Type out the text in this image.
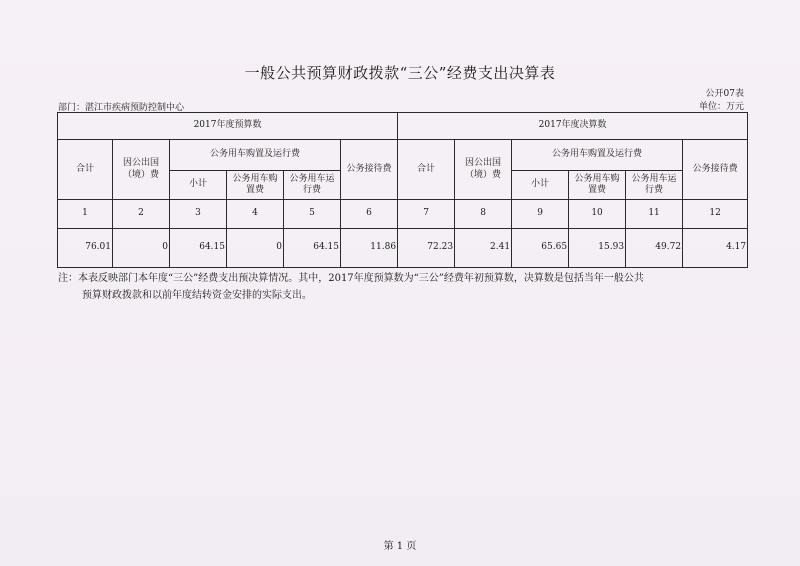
一般公共预算财政拨款“三公”经费支出决算表
公开07表
部门：湛江市疾病预防控制中心	单位：万元
2017年度预算数						2017年度决算数					
合计	因公出国（境）费	公务用车购置及运行费			公务接待费	合计	因公出国（境）费	公务用车购置及运行费			公务接待费
		小计	公务用车购置费	公务用车运行费				小计	公务用车购置费	公务用车运行费	
1	2	3	4	5	6	7	8	9	10	11	12
76.01	0	64.15	0	64.15	11.86	72.23	2.41	65.65	15.93	49.72	4.17
注：本表反映部门本年度“三公”经费支出预决算情况。其中，2017年度预算数为“三公”经费年初预算数，决算数是包括当年一般公共
预算财政拨款和以前年度结转资金安排的实际支出。
第 1 页
